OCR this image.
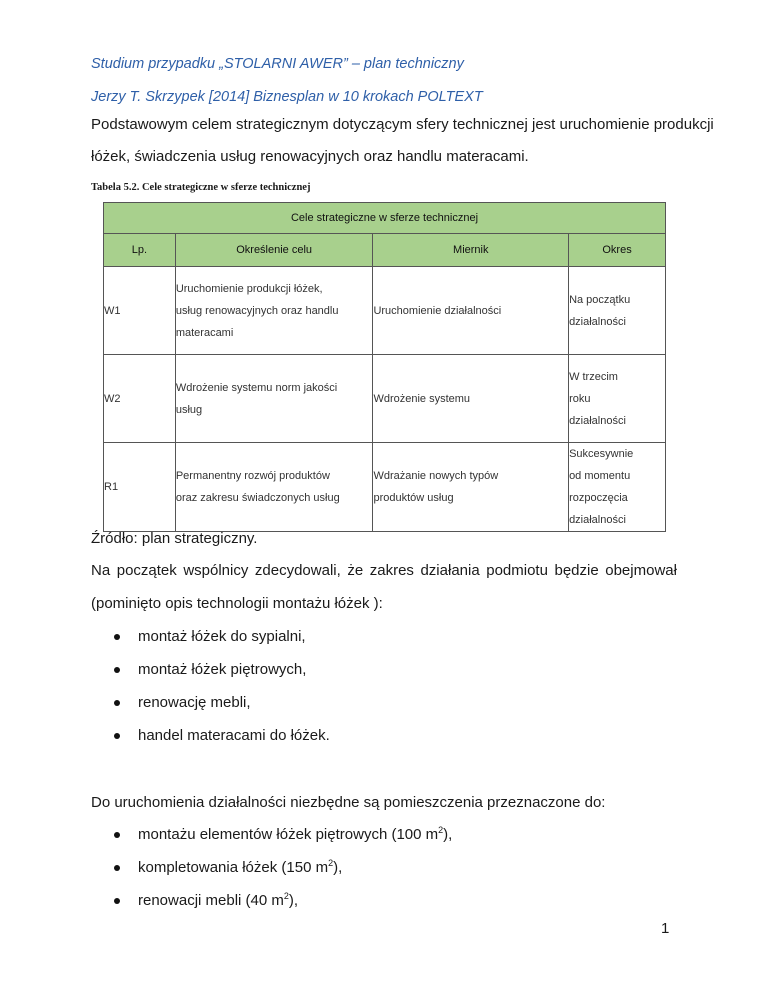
Studium przypadku „STOLARNI AWER” – plan techniczny
Jerzy T. Skrzypek [2014] Biznesplan w 10 krokach POLTEXT
Podstawowym celem strategicznym dotyczącym sfery technicznej jest uruchomienie produkcji
łóżek, świadczenia usług renowacyjnych oraz handlu materacami.
Tabela 5.2. Cele strategiczne w sferze technicznej
Cele strategiczne w sferze technicznej			
Lp.	Określenie celu	Miernik	Okres

W1	Uruchomienie produkcji łóżek,
usług renowacyjnych oraz handlu
materacami	Uruchomienie działalności	Na początku
działalności

W2	Wdrożenie systemu norm jakości
usług	Wdrożenie systemu	W trzecim
roku
działalności

R1	Permanentny rozwój produktów
oraz zakresu świadczonych usług	Wdrażanie nowych typów
produktów usług	Sukcesywnie
od momentu
rozpoczęcia
działalności
Źródło: plan strategiczny.
Na początek wspólnicy zdecydowali, że zakres działania podmiotu będzie obejmował
(pominięto opis technologii montażu łóżek ):
montaż łóżek do sypialni,
montaż łóżek piętrowych,
renowację mebli,
handel materacami do łóżek.
Do uruchomienia działalności niezbędne są pomieszczenia przeznaczone do:
montażu elementów łóżek piętrowych (100 $m^2$),
kompletowania łóżek (150 $m^2$),
renowacji mebli (40 $m^2$),
1
